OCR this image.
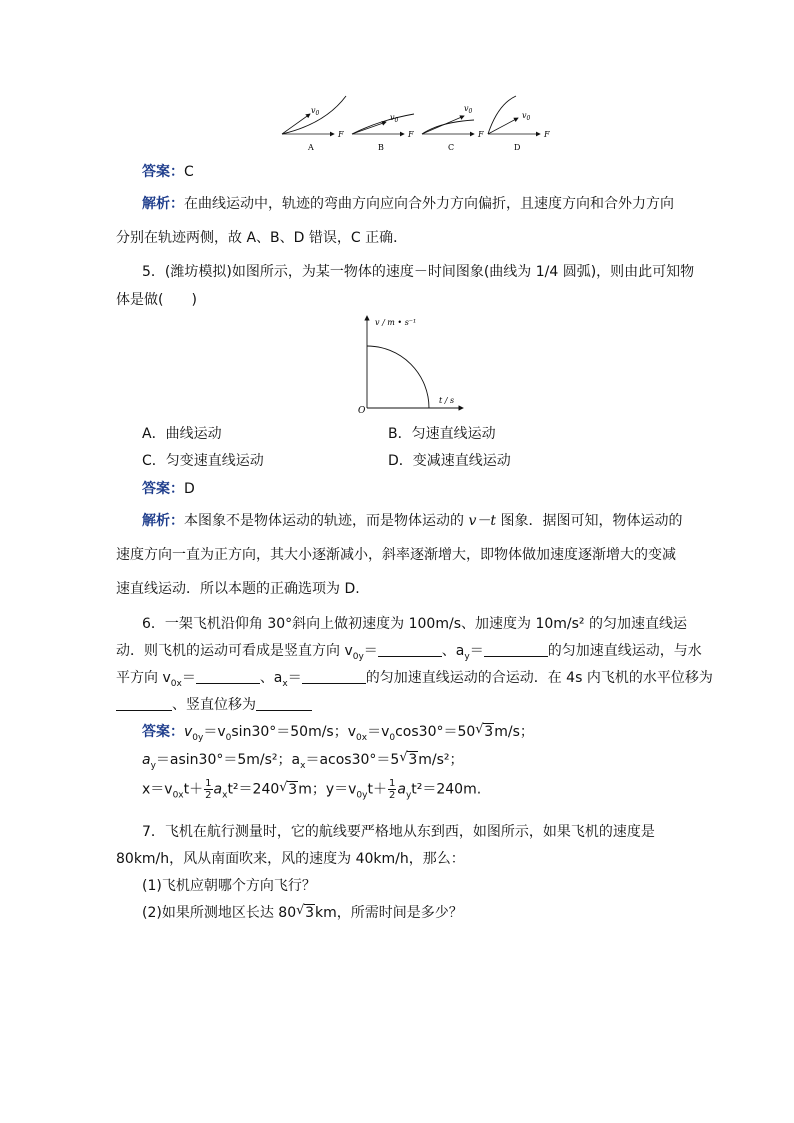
$v_0$
F
A
$v_0$
F
B
$v_0$
F
C
$v_0$
F
D
答案：C
解析：在曲线运动中，轨迹的弯曲方向应向合外力方向偏折，且速度方向和合外力方向
分别在轨迹两侧，故 A、B、D 错误，C 正确．
5．(潍坊模拟)如图所示，为某一物体的速度－时间图象(曲线为 1/4 圆弧)，则由此可知物
体是做(　　)
v / m • s⁻¹
t / s
O
A．曲线运动	B．匀速直线运动
C．匀变速直线运动	D．变减速直线运动
答案：D
解析：本图象不是物体运动的轨迹，而是物体运动的 v－t 图象．据图可知，物体运动的
速度方向一直为正方向，其大小逐渐减小，斜率逐渐增大，即物体做加速度逐渐增大的变减
速直线运动．所以本题的正确选项为 D.
6．一架飞机沿仰角 30°斜向上做初速度为 100m/s、加速度为 10m/s² 的匀加速直线运
动．则飞机的运动可看成是竖直方向 $v_{0y}=$	、$a_y=$	的匀加速直线运动，与水
平方向 $v_{0x}=$	、$a_x=$	的匀加速直线运动的合运动．在 4s 内飞机的水平位移为
、竖直位移为
答案：$v_{0y}=v_0\sin 30^\circ=50m/s$；$v_{0x}=v_0\cos 30^\circ=50√$ 3m/s；
$a_y=asin30^\circ=5m/s^2$；$a_x=acos30^\circ=5√$ 3m/s²；
$x=v_{0x}t+ \frac{1}{2} a_xt^2=240√$ 3m；$y=v_{0y}t+ \frac{1}{2} a_yt^2=240m$.
7．飞机在航行测量时，它的航线要严格地从东到西，如图所示，如果飞机的速度是
80km/h，风从南面吹来，风的速度为 40km/h，那么：
(1)飞机应朝哪个方向飞行？
(2)如果所测地区长达 80√ 3km，所需时间是多少？
